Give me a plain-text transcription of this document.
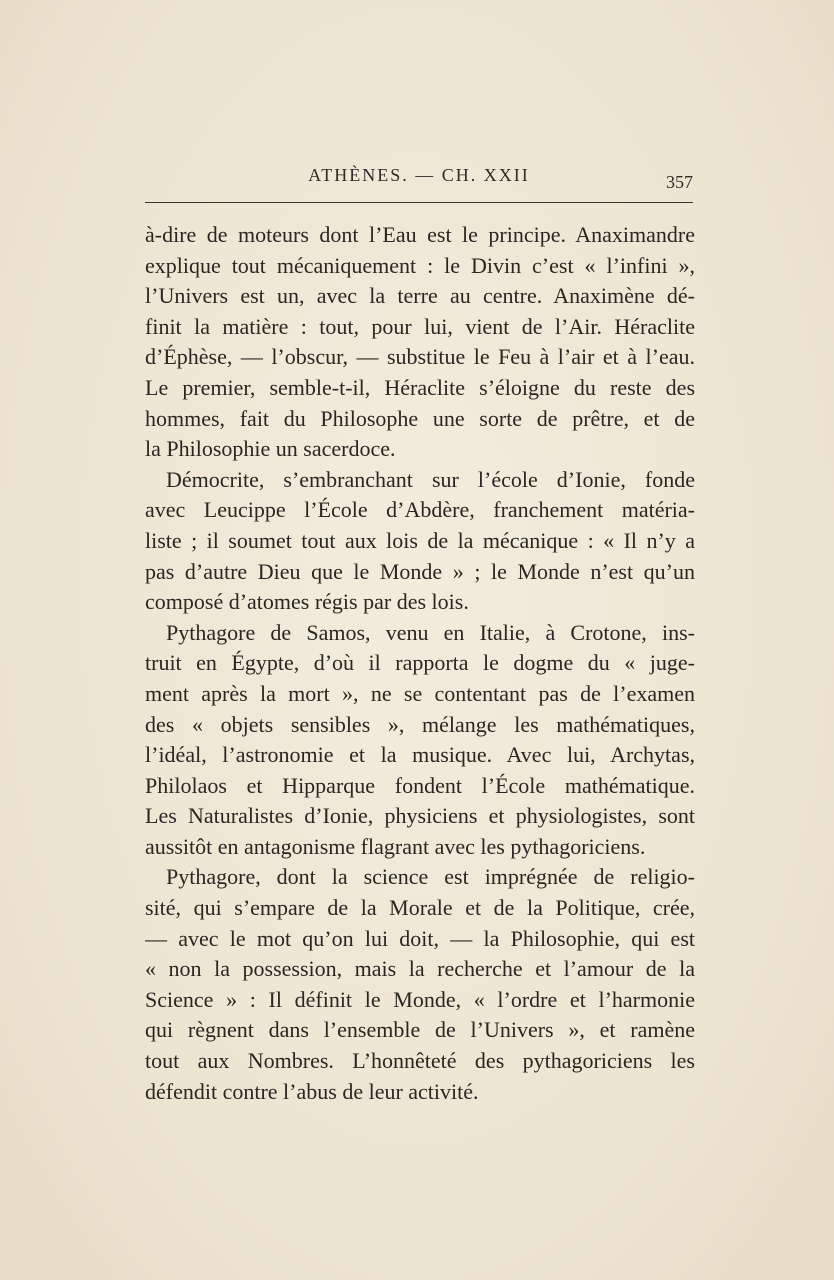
ATHÈNES. — CH. XXII	357
à-dire de moteurs dont l’Eau est le principe. Anaximandre
explique tout mécaniquement : le Divin c’est « l’infini »,
l’Univers est un, avec la terre au centre. Anaximène dé-
finit la matière : tout, pour lui, vient de l’Air. Héraclite
d’Éphèse, — l’obscur, — substitue le Feu à l’air et à l’eau.
Le premier, semble-t-il, Héraclite s’éloigne du reste des
hommes, fait du Philosophe une sorte de prêtre, et de
la Philosophie un sacerdoce.
Démocrite, s’embranchant sur l’école d’Ionie, fonde
avec Leucippe l’École d’Abdère, franchement matéria-
liste ; il soumet tout aux lois de la mécanique : « Il n’y a
pas d’autre Dieu que le Monde » ; le Monde n’est qu’un
composé d’atomes régis par des lois.
Pythagore de Samos, venu en Italie, à Crotone, ins-
truit en Égypte, d’où il rapporta le dogme du « juge-
ment après la mort », ne se contentant pas de l’examen
des « objets sensibles », mélange les mathématiques,
l’idéal, l’astronomie et la musique. Avec lui, Archytas,
Philolaos et Hipparque fondent l’École mathématique.
Les Naturalistes d’Ionie, physiciens et physiologistes, sont
aussitôt en antagonisme flagrant avec les pythagoriciens.
Pythagore, dont la science est imprégnée de religio-
sité, qui s’empare de la Morale et de la Politique, crée,
— avec le mot qu’on lui doit, — la Philosophie, qui est
« non la possession, mais la recherche et l’amour de la
Science » : Il définit le Monde, « l’ordre et l’harmonie
qui règnent dans l’ensemble de l’Univers », et ramène
tout aux Nombres. L’honnêteté des pythagoriciens les
défendit contre l’abus de leur activité.
